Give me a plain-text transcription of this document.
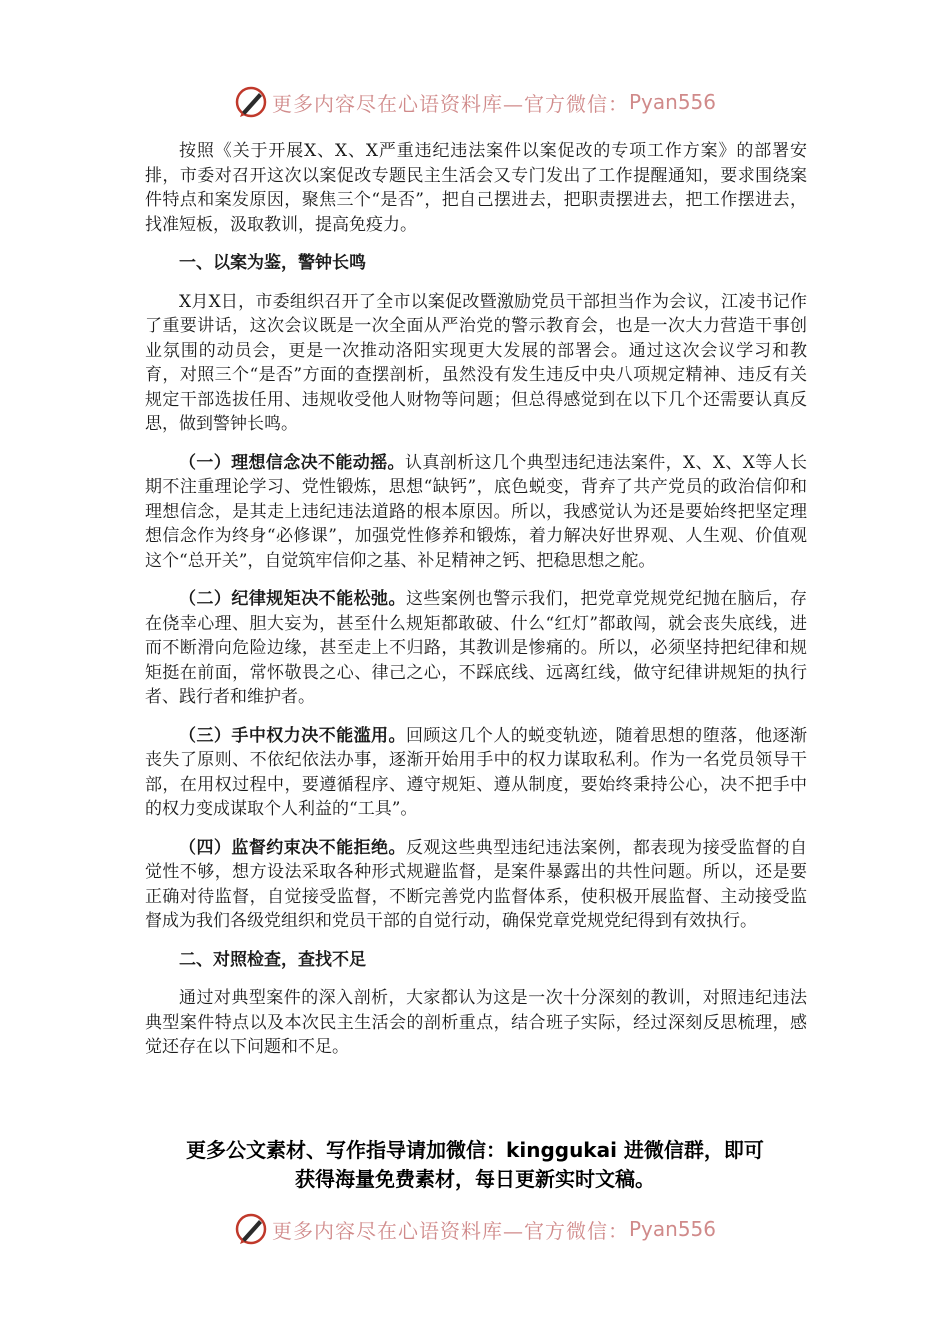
更多内容尽在心语资料库—官方微信： Pyan556

按照《关于开展X、X、X严重违纪违法案件以案促改的专项工作方案》的部署安排，市委对召开这次以案促改专题民主生活会又专门发出了工作提醒通知，要求围绕案件特点和案发原因，聚焦三个“是否”，把自己摆进去，把职责摆进去，把工作摆进去，找准短板，汲取教训，提高免疫力。

一、以案为鉴，警钟长鸣

X月X日，市委组织召开了全市以案促改暨激励党员干部担当作为会议，江凌书记作了重要讲话，这次会议既是一次全面从严治党的警示教育会，也是一次大力营造干事创业氛围的动员会，更是一次推动洛阳实现更大发展的部署会。通过这次会议学习和教育，对照三个“是否”方面的查摆剖析，虽然没有发生违反中央八项规定精神、违反有关规定干部选拔任用、违规收受他人财物等问题；但总得感觉到在以下几个还需要认真反思，做到警钟长鸣。

（一）理想信念决不能动摇。认真剖析这几个典型违纪违法案件，X、X、X等人长期不注重理论学习、党性锻炼，思想“缺钙”，底色蜕变，背弃了共产党员的政治信仰和理想信念，是其走上违纪违法道路的根本原因。所以，我感觉认为还是要始终把坚定理想信念作为终身“必修课”，加强党性修养和锻炼，着力解决好世界观、人生观、价值观这个“总开关”，自觉筑牢信仰之基、补足精神之钙、把稳思想之舵。

（二）纪律规矩决不能松弛。这些案例也警示我们，把党章党规党纪抛在脑后，存在侥幸心理、胆大妄为，甚至什么规矩都敢破、什么“红灯”都敢闯，就会丧失底线，进而不断滑向危险边缘，甚至走上不归路，其教训是惨痛的。所以，必须坚持把纪律和规矩挺在前面，常怀敬畏之心、律己之心，不踩底线、远离红线，做守纪律讲规矩的执行者、践行者和维护者。

（三）手中权力决不能滥用。回顾这几个人的蜕变轨迹，随着思想的堕落，他逐渐丧失了原则、不依纪依法办事，逐渐开始用手中的权力谋取私利。作为一名党员领导干部，在用权过程中，要遵循程序、遵守规矩、遵从制度，要始终秉持公心，决不把手中的权力变成谋取个人利益的“工具”。

（四）监督约束决不能拒绝。反观这些典型违纪违法案例，都表现为接受监督的自觉性不够，想方设法采取各种形式规避监督，是案件暴露出的共性问题。所以，还是要正确对待监督，自觉接受监督，不断完善党内监督体系，使积极开展监督、主动接受监督成为我们各级党组织和党员干部的自觉行动，确保党章党规党纪得到有效执行。

二、对照检查，查找不足

通过对典型案件的深入剖析，大家都认为这是一次十分深刻的教训，对照违纪违法典型案件特点以及本次民主生活会的剖析重点，结合班子实际，经过深刻反思梳理，感觉还存在以下问题和不足。

更多公文素材、写作指导请加微信：kinggukai 进微信群，即可
获得海量免费素材，每日更新实时文稿。
更多内容尽在心语资料库—官方微信： Pyan556
